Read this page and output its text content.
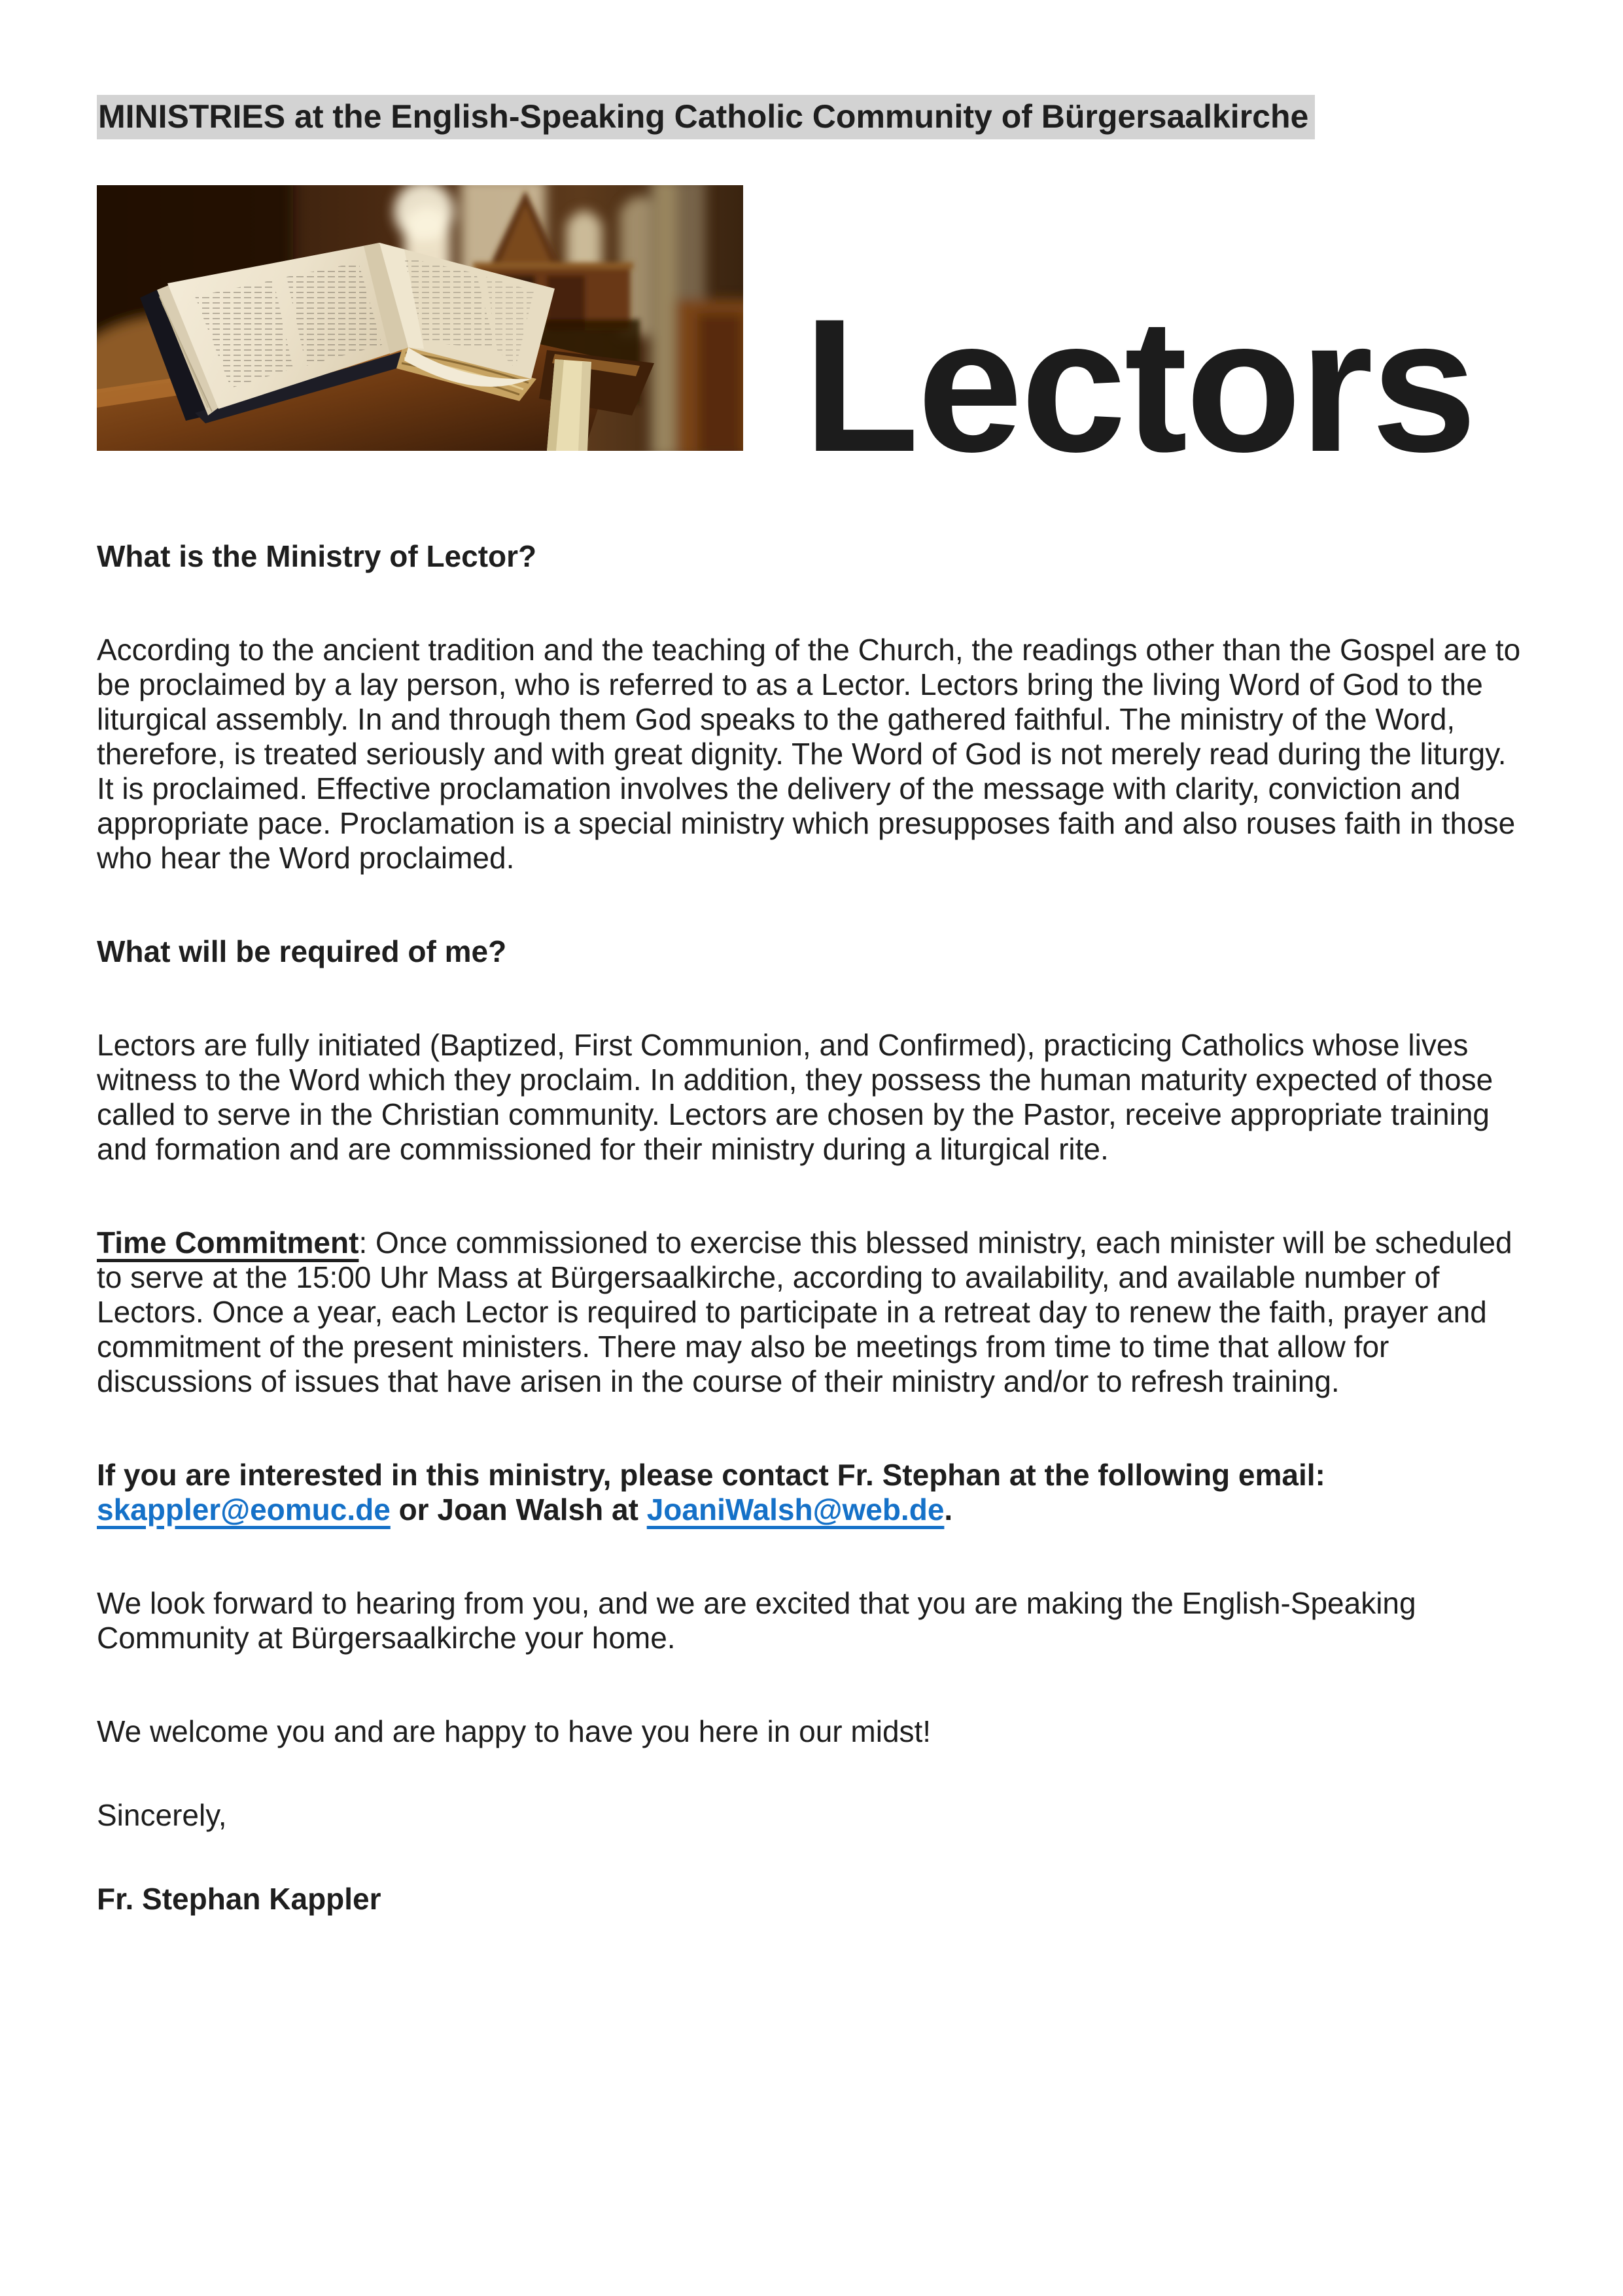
MINISTRIES at the English-Speaking Catholic Community of Bürgersaalkirche

Lectors

What is the Ministry of Lector?

According to the ancient tradition and the teaching of the Church, the readings other than the Gospel are to be proclaimed by a lay person, who is referred to as a Lector. Lectors bring the living Word of God to the liturgical assembly. In and through them God speaks to the gathered faithful. The ministry of the Word, therefore, is treated seriously and with great dignity. The Word of God is not merely read during the liturgy. It is proclaimed. Effective proclamation involves the delivery of the message with clarity, conviction and appropriate pace. Proclamation is a special ministry which presupposes faith and also rouses faith in those who hear the Word proclaimed.

What will be required of me?

Lectors are fully initiated (Baptized, First Communion, and Confirmed), practicing Catholics whose lives witness to the Word which they proclaim. In addition, they possess the human maturity expected of those called to serve in the Christian community. Lectors are chosen by the Pastor, receive appropriate training and formation and are commissioned for their ministry during a liturgical rite.

Time Commitment: Once commissioned to exercise this blessed ministry, each minister will be scheduled to serve at the 15:00 Uhr Mass at Bürgersaalkirche, according to availability, and available number of Lectors. Once a year, each Lector is required to participate in a retreat day to renew the faith, prayer and commitment of the present ministers. There may also be meetings from time to time that allow for discussions of issues that have arisen in the course of their ministry and/or to refresh training.

If you are interested in this ministry, please contact Fr. Stephan at the following email: skappler@eomuc.de or Joan Walsh at JoaniWalsh@web.de.

We look forward to hearing from you, and we are excited that you are making the English-Speaking Community at Bürgersaalkirche your home.

We welcome you and are happy to have you here in our midst!

Sincerely,

Fr. Stephan Kappler
